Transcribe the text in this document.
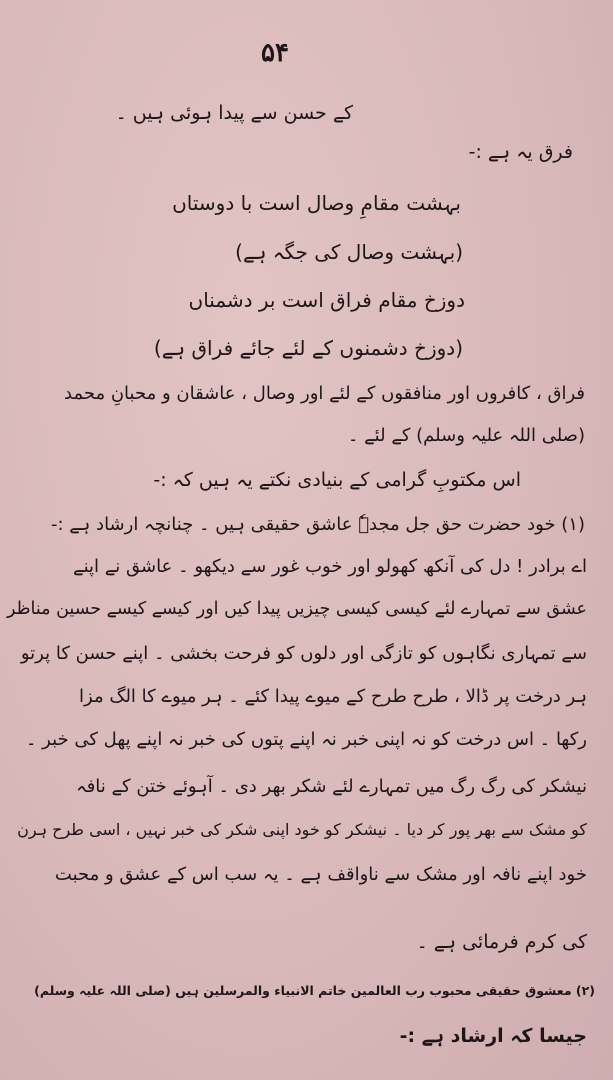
۵۴
کے حسن سے پیدا ہوئی ہیں ۔
فرق یہ ہے :-
بہشت مقامِ وصال است با دوستاں
(بہشت وصال کی جگہ ہے)
دوزخ مقام فراق است بر دشمناں
(دوزخ دشمنوں کے لئے جائے فراق ہے)
فراق ، کافروں اور منافقوں کے لئے اور وصال ، عاشقان و محبانِ محمد
(صلی اللہ علیہ وسلم) کے لئے ۔
اس مکتوبِ گرامی کے بنیادی نکتے یہ ہیں کہ :-
(۱) خود حضرت حق جل مجدہٗ عاشق حقیقی ہیں ۔ چنانچہ ارشاد ہے :-
اے برادر ! دل کی آنکھ کھولو اور خوب غور سے دیکھو ۔ عاشق نے اپنے
عشق سے تمہارے لئے کیسی کیسی چیزیں پیدا کیں اور کیسے کیسے حسین مناظر
سے تمہاری نگاہوں کو تازگی اور دلوں کو فرحت بخشی ۔ اپنے حسن کا پرتو
ہر درخت پر ڈالا ، طرح طرح کے میوے پیدا کئے ۔ ہر میوے کا الگ مزا
رکھا ۔ اس درخت کو نہ اپنی خبر نہ اپنے پتوں کی خبر نہ اپنے پھل کی خبر ۔
نیشکر کی رگ رگ میں تمہارے لئے شکر بھر دی ۔ آہوئے ختن کے نافہ
کو مشک سے بھر پور کر دیا ۔ نیشکر کو خود اپنی شکر کی خبر نہیں ، اسی طرح ہرن
خود اپنے نافہ اور مشک سے ناواقف ہے ۔ یہ سب اس کے عشق و محبت
کی کرم فرمائی ہے ۔
(۲) معشوق حقیقی محبوب رب العالمین خاتم الانبیاء والمرسلین ہیں (صلی اللہ علیہ وسلم)
جیسا کہ ارشاد ہے :-
